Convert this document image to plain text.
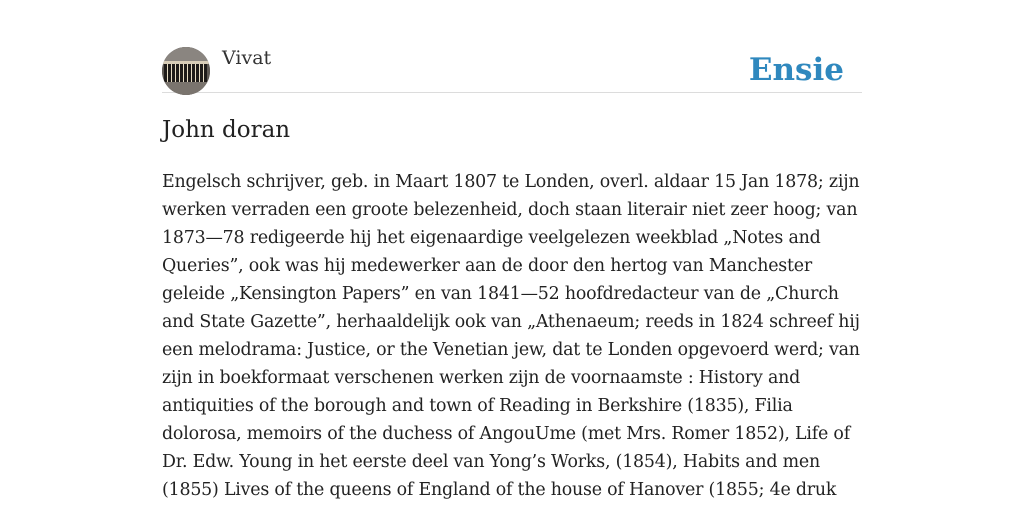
Vivat	Ensie
John doran

Engelsch schrijver, geb. in Maart 1807 te Londen, overl. aldaar 15 Jan 1878; zijn werken verraden een groote belezenheid, doch staan literair niet zeer hoog; van 1873—78 redigeerde hij het eigenaardige veelgelezen weekblad „Notes and Queries”, ook was hij medewerker aan de door den hertog van Manchester geleide „Kensington Papers” en van 1841—52 hoofdredacteur van de „Church and State Gazette”, herhaaldelijk ook van „Athenaeum; reeds in 1824 schreef hij een melodrama: Justice, or the Venetian jew, dat te Londen opgevoerd werd; van zijn in boekformaat verschenen werken zijn de voornaamste : History and antiquities of the borough and town of Reading in Berkshire (1835), Filia dolorosa, memoirs of the duchess of AngouUme (met Mrs. Romer 1852), Life of Dr. Edw. Young in het eerste deel van Yong’s Works, (1854), Habits and men (1855) Lives of the queens of England of the house of Hanover (1855; 4e druk
